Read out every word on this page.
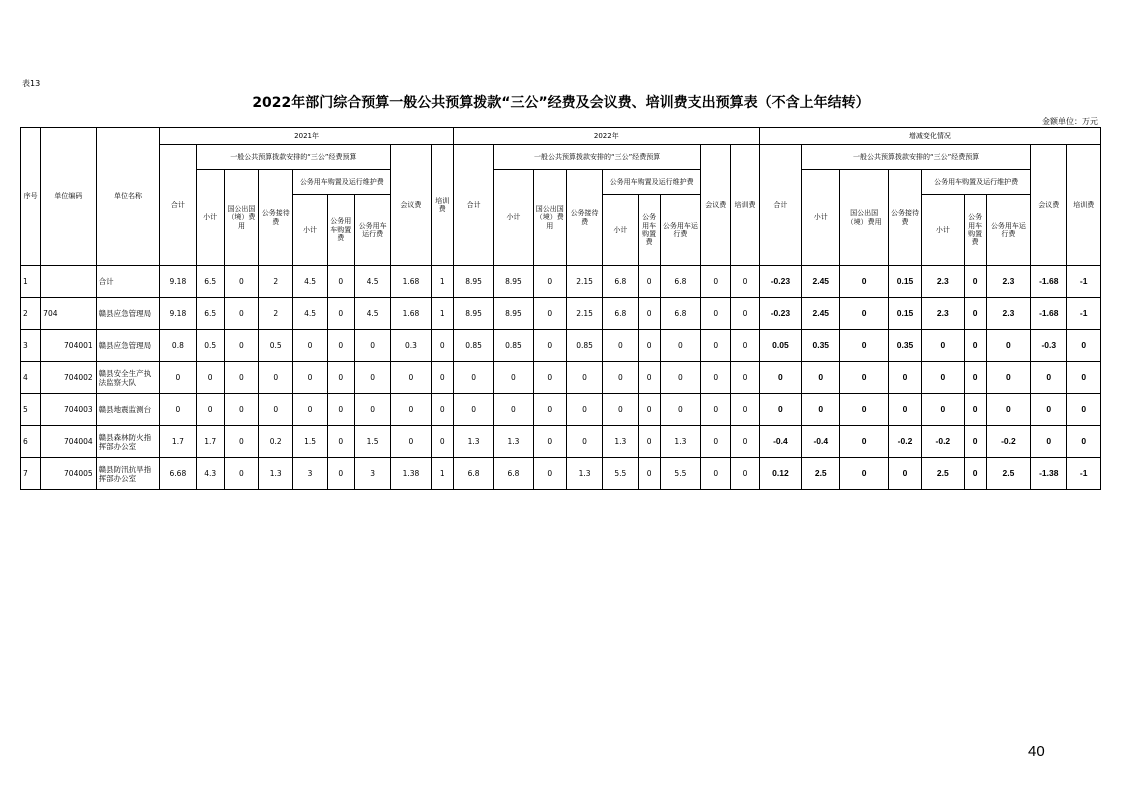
表13
2022年部门综合预算一般公共预算拨款“三公”经费及会议费、培训费支出预算表（不含上年结转）
金额单位：万元
序号	单位编码	单位名称	2021年									2022年									增减变化情况								
			合计	一般公共预算拨款安排的“三公”经费预算						会议费	培训费	合计	一般公共预算拨款安排的“三公”经费预算						会议费	培训费	合计	一般公共预算拨款安排的“三公”经费预算						会议费	培训费
				小计	国公出国（境）费用	公务接待费	公务用车购置及运行维护费						小计	国公出国（境）费用	公务接待费	公务用车购置及运行维护费						小计	国公出国（境）费用	公务接待费	公务用车购置及运行维护费				
							小计	公务用车购置费	公务用车运行费							小计	公务用车购置费	公务用车运行费							小计	公务用车购置费	公务用车运行费		
1		合计	9.18	6.5	0	2	4.5	0	4.5	1.68	1	8.95	8.95	0	2.15	6.8	0	6.8	0	0	-0.23	2.45	0	0.15	2.3	0	2.3	-1.68	-1
2	704	赣县应急管理局	9.18	6.5	0	2	4.5	0	4.5	1.68	1	8.95	8.95	0	2.15	6.8	0	6.8	0	0	-0.23	2.45	0	0.15	2.3	0	2.3	-1.68	-1
3	704001	赣县应急管理局	0.8	0.5	0	0.5	0	0	0	0.3	0	0.85	0.85	0	0.85	0	0	0	0	0	0.05	0.35	0	0.35	0	0	0	-0.3	0
4	704002	赣县安全生产执法监察大队	0	0	0	0	0	0	0	0	0	0	0	0	0	0	0	0	0	0	0	0	0	0	0	0	0	0	0
5	704003	赣县地震监测台	0	0	0	0	0	0	0	0	0	0	0	0	0	0	0	0	0	0	0	0	0	0	0	0	0	0	0
6	704004	赣县森林防火指挥部办公室	1.7	1.7	0	0.2	1.5	0	1.5	0	0	1.3	1.3	0	0	1.3	0	1.3	0	0	-0.4	-0.4	0	-0.2	-0.2	0	-0.2	0	0
7	704005	赣县防汛抗旱指挥部办公室	6.68	4.3	0	1.3	3	0	3	1.38	1	6.8	6.8	0	1.3	5.5	0	5.5	0	0	0.12	2.5	0	0	2.5	0	2.5	-1.38	-1
40
